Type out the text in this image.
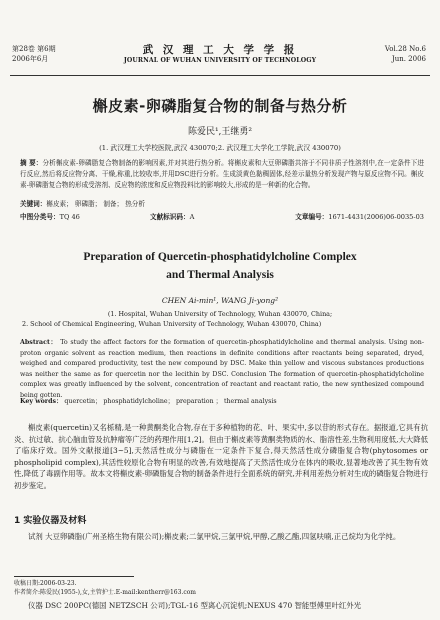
第28卷 第6期
2006年6月
武 汉 理 工 大 学 学 报
JOURNAL OF WUHAN UNIVERSITY OF TECHNOLOGY
Vol.28 No.6
Jun. 2006
槲皮素-卵磷脂复合物的制备与热分析
陈爱民¹,王继勇²
(1. 武汉理工大学校医院,武汉 430070;2. 武汉理工大学化工学院,武汉 430070)
摘 要：分析槲皮素-卵磷脂复合物制备的影响因素,并对其进行热分析。将槲皮素和大豆卵磷脂共溶于不同非质子性溶剂中,在一定条件下进行反应,然后将反应物分离、干燥,称重,比较收率,并用DSC进行分析。生成淡黄色黏稠固体,经差示量热分析发现产物与原反应物不同。槲皮素-卵磷脂复合物的形成受溶剂、反应物的浓度和反应物投料比的影响较大,形成的是一种新的化合物。
关键词：槲皮素； 卵磷脂； 制备； 热分析
中图分类号：TQ 46	文献标识码：A	文章编号：1671-4431(2006)06-0035-03
Preparation of Quercetin-phosphatidylcholine Complex
and Thermal Analysis
CHEN Ai-min¹, WANG Ji-yong²
(1. Hospital, Wuhan University of Technology, Wuhan 430070, China;
2. School of Chemical Engineering, Wuhan University of Technology, Wuhan 430070, China)
Abstract： To study the affect factors for the formation of quercetin-phosphatidylcholine and thermal analysis. Using non-proton organic solvent as reaction medium, then reactions in definite conditions after reactants being separated, dryed, weighed and compared productivity, test the new compound by DSC. Make thin yellow and viscous substances productions was neither the same as for quercetin nor the lecithin by DSC. Conclusion The formation of quercetin-phosphatidylcholine complex was greatly influenced by the solvent, concentration of reactant and reactant ratio, the new synthesized compound being gotten.
Key words： quercetin； phosphatidylcholine； preparation ； thermal analysis
槲皮素(quercetin)又名栎精,是一种黄酮类化合物,存在于多种植物的花、叶、果实中,多以苷的形式存在。据报道,它具有抗炎、抗过敏、抗心脑血管及抗肿瘤等广泛的药理作用[1,2]。但由于槲皮素等黄酮类物质的水、脂溶性差,生物利用度低,大大降低了临床疗效。国外文献报道[3~5],天然活性成分与磷脂在一定条件下复合,得天然活性成分磷脂复合物(phytosomes or phospholipid complex),其活性较原化合物有明显的改善,有效地提高了天然活性成分在体内的吸收,显著地改善了其生物有效性,降低了毒副作用等。故本文将槲皮素-卵磷脂复合物的制备条件进行全面系统的研究,并利用差热分析对生成的磷脂复合物进行初步鉴定。
1 实验仪器及材料
试剂 大豆卵磷脂(广州圣格生物有限公司);槲皮素;二氯甲烷,三氯甲烷,甲醇,乙酸乙酯,四氢呋喃,正己烷均为化学纯。
收稿日期:2006-03-23.
作者简介:陈爱民(1955-),女,主管护士.E-mail:kentherr@163.com
仪器 DSC 200PC(德国 NETZSCH 公司);TGL-16 型离心沉淀机;NEXUS 470 智能型傅里叶红外光
